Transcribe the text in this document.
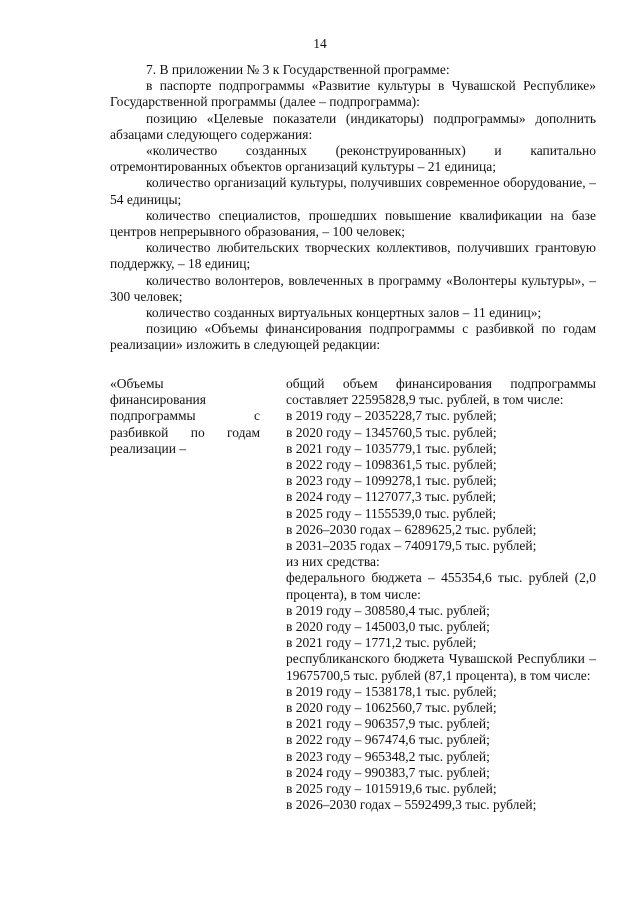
14

7. В приложении № 3 к Государственной программе:

в паспорте подпрограммы «Развитие культуры в Чувашской Республике» Государственной программы (далее – подпрограмма):

позицию «Целевые показатели (индикаторы) подпрограммы» дополнить абзацами следующего содержания:

«количество созданных (реконструированных) и капитально отремонтированных объектов организаций культуры – 21 единица;

количество организаций культуры, получивших современное оборудование, – 54 единицы;

количество специалистов, прошедших повышение квалификации на базе центров непрерывного образования, – 100 человек;

количество любительских творческих коллективов, получивших грантовую поддержку, – 18 единиц;

количество волонтеров, вовлеченных в программу «Волонтеры культуры», – 300 человек;

количество созданных виртуальных концертных залов – 11 единиц»;

позицию «Объемы финансирования подпрограммы с разбивкой по годам реализации» изложить в следующей редакции:

«Объемы финансирования подпрограммы с разбивкой по годам реализации –

общий объем финансирования подпрограммы составляет 22595828,9 тыс. рублей, в том числе:

в 2019 году – 2035228,7 тыс. рублей;

в 2020 году – 1345760,5 тыс. рублей;

в 2021 году – 1035779,1 тыс. рублей;

в 2022 году – 1098361,5 тыс. рублей;

в 2023 году – 1099278,1 тыс. рублей;

в 2024 году – 1127077,3 тыс. рублей;

в 2025 году – 1155539,0 тыс. рублей;

в 2026–2030 годах – 6289625,2 тыс. рублей;

в 2031–2035 годах – 7409179,5 тыс. рублей;

из них средства:

федерального бюджета – 455354,6 тыс. рублей (2,0 процента), в том числе:

в 2019 году – 308580,4 тыс. рублей;

в 2020 году – 145003,0 тыс. рублей;

в 2021 году – 1771,2 тыс. рублей;

республиканского бюджета Чувашской Республики – 19675700,5 тыс. рублей (87,1 процента), в том числе:

в 2019 году – 1538178,1 тыс. рублей;

в 2020 году – 1062560,7 тыс. рублей;

в 2021 году – 906357,9 тыс. рублей;

в 2022 году – 967474,6 тыс. рублей;

в 2023 году – 965348,2 тыс. рублей;

в 2024 году – 990383,7 тыс. рублей;

в 2025 году – 1015919,6 тыс. рублей;

в 2026–2030 годах – 5592499,3 тыс. рублей;
